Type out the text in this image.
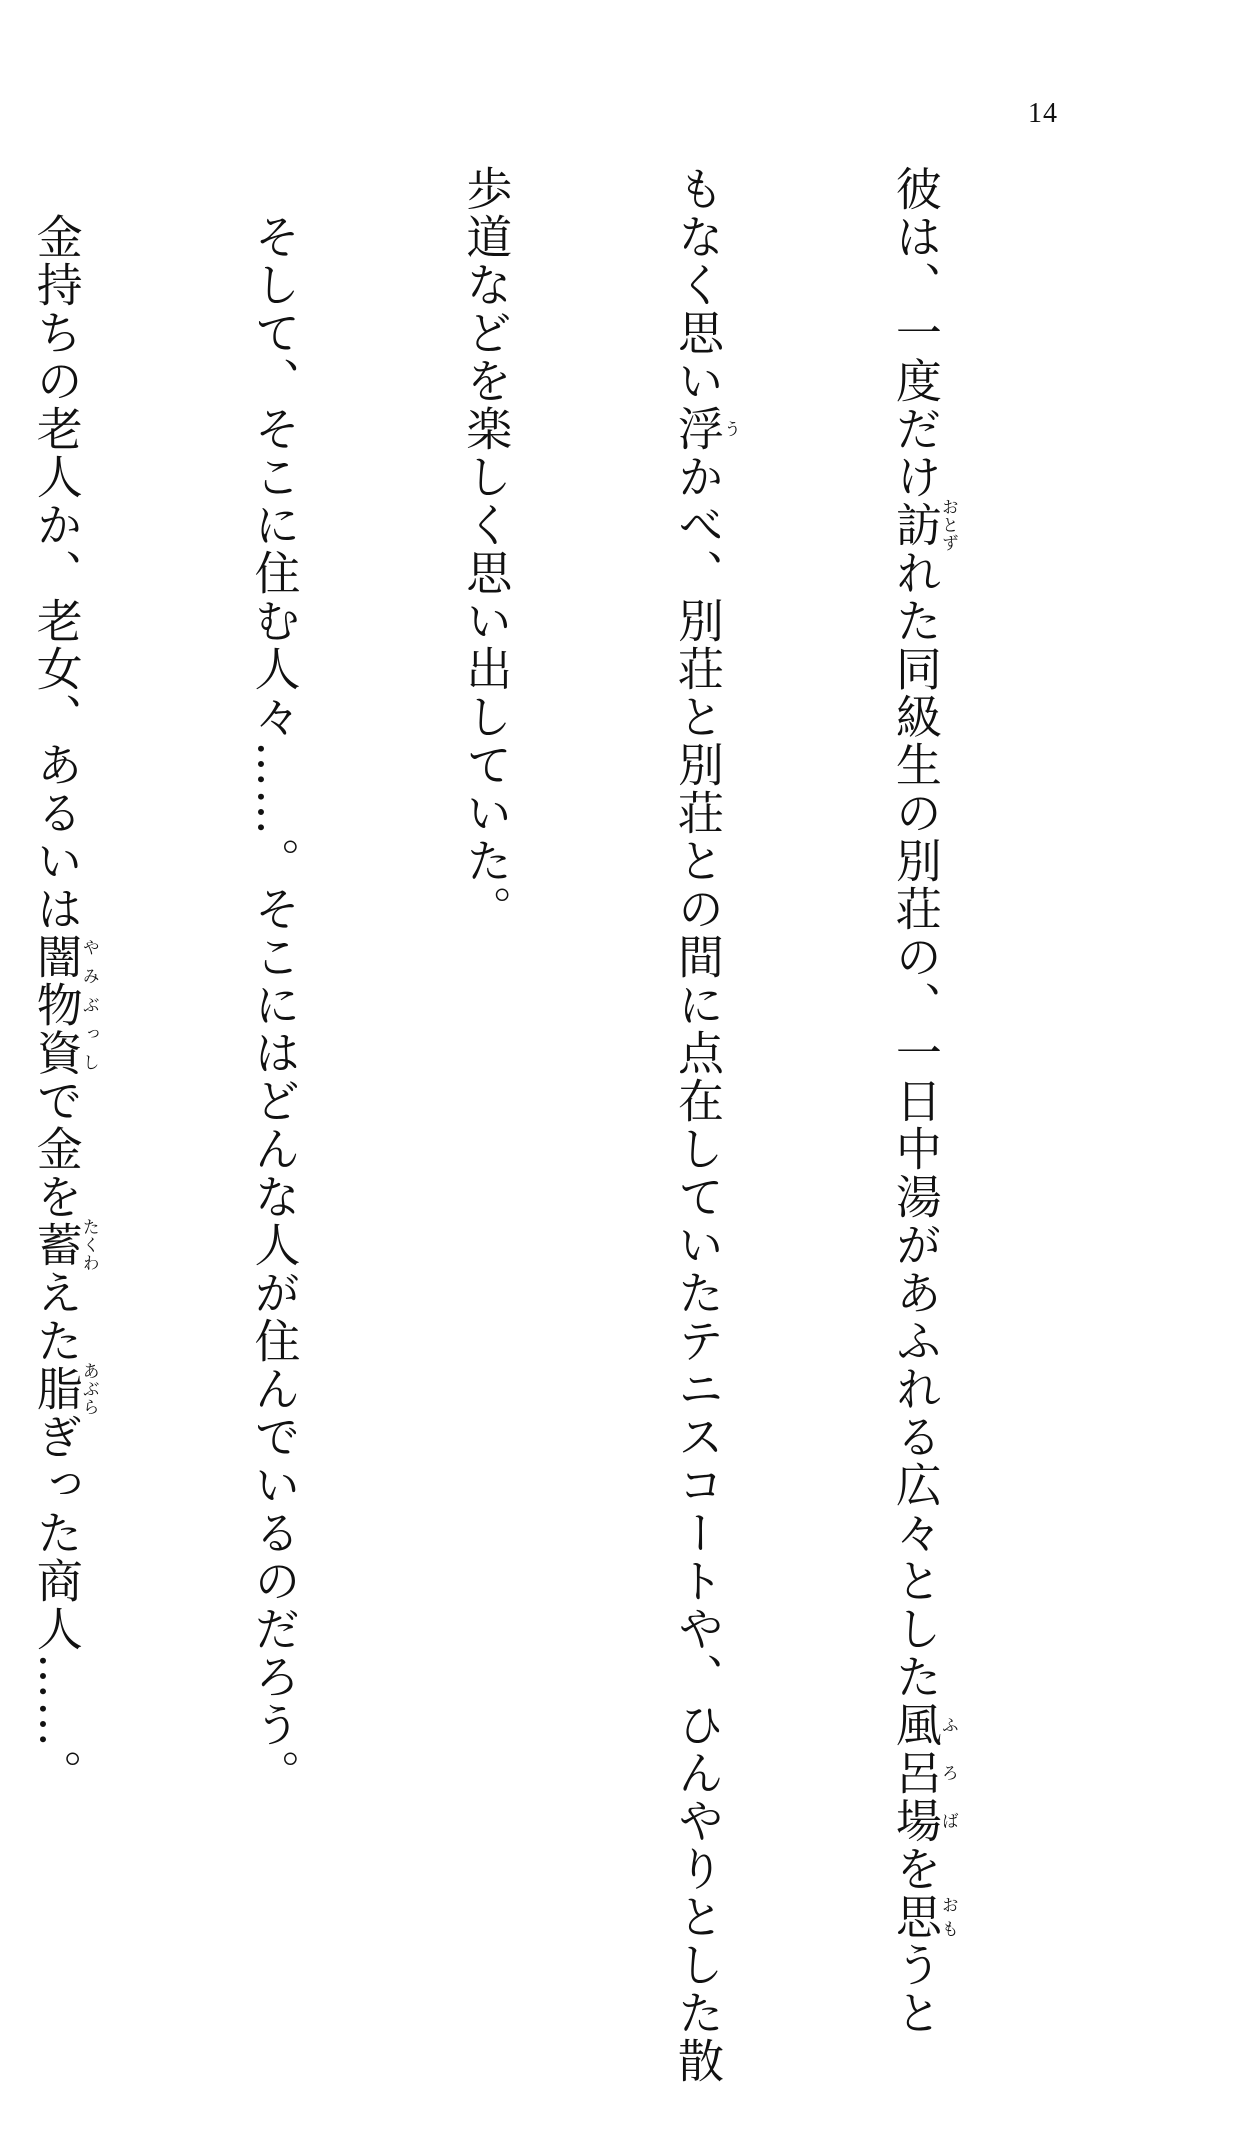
14

彼は、一度だけ訪おとずれた同級生の別荘の、一日中湯があふれる広々とした風呂場ふろばを思おもうと

もなく思い浮うかべ、別荘と別荘との間に点在していたテニスコートや、ひんやりとした散

歩道などを楽しく思い出していた。

　そして、そこに住む人々……。そこにはどんな人が住んでいるのだろう。

　金持ちの老人か、老女、あるいは闇物資やみぶっしで金を蓄たくわえた脂あぶらぎった商人……。
